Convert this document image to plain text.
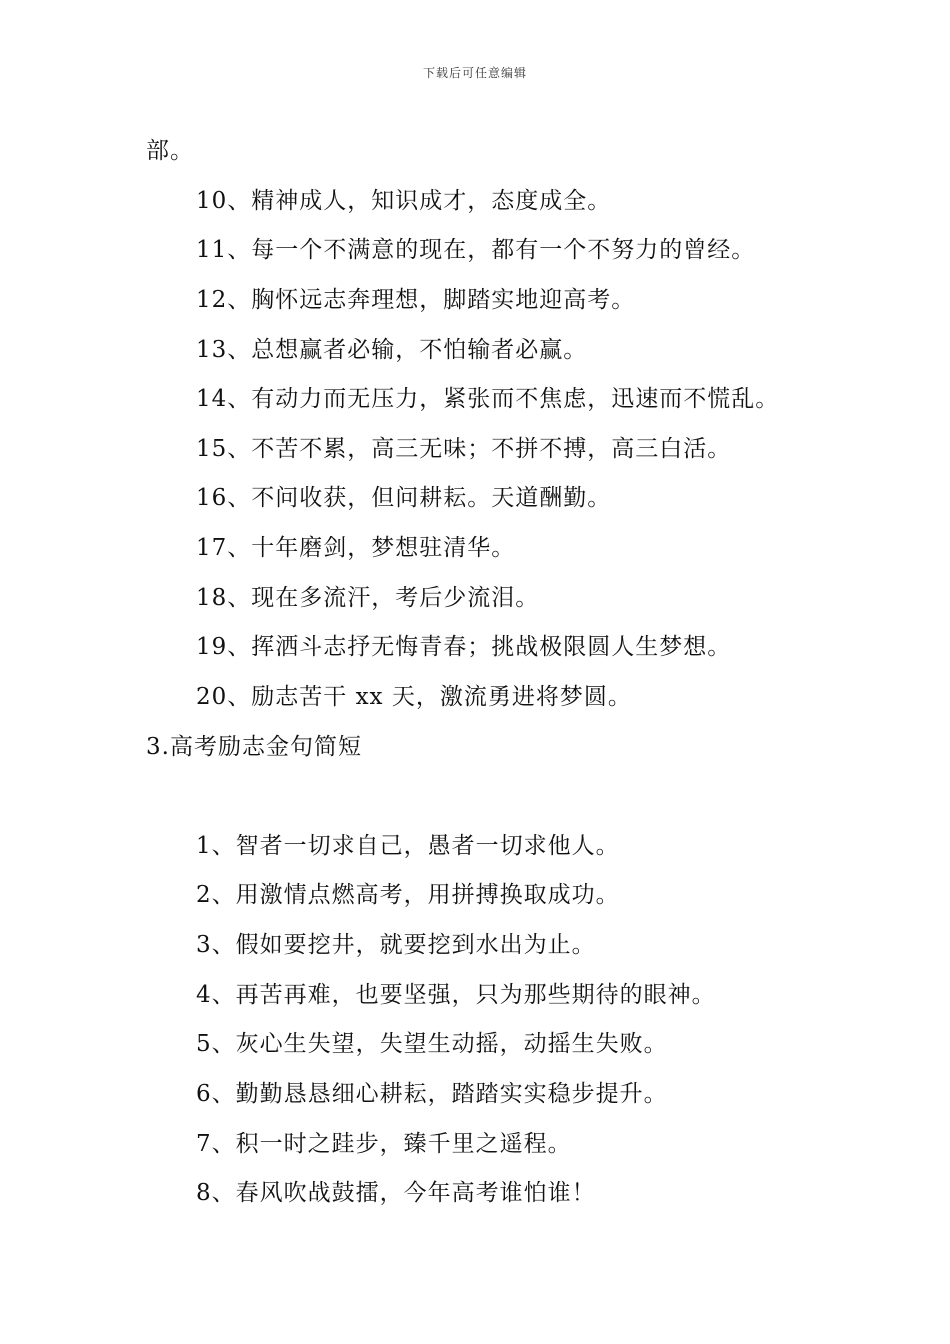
下载后可任意编辑
部。
10、精神成人，知识成才，态度成全。
11、每一个不满意的现在，都有一个不努力的曾经。
12、胸怀远志奔理想，脚踏实地迎高考。
13、总想赢者必输，不怕输者必赢。
14、有动力而无压力，紧张而不焦虑，迅速而不慌乱。
15、不苦不累，高三无味；不拼不搏，高三白活。
16、不问收获，但问耕耘。天道酬勤。
17、十年磨剑，梦想驻清华。
18、现在多流汗，考后少流泪。
19、挥洒斗志抒无悔青春；挑战极限圆人生梦想。
20、励志苦干 xx 天，激流勇进将梦圆。
3.高考励志金句简短
1、智者一切求自己，愚者一切求他人。
2、用激情点燃高考，用拼搏换取成功。
3、假如要挖井，就要挖到水出为止。
4、再苦再难，也要坚强，只为那些期待的眼神。
5、灰心生失望，失望生动摇，动摇生失败。
6、勤勤恳恳细心耕耘，踏踏实实稳步提升。
7、积一时之跬步，臻千里之遥程。
8、春风吹战鼓擂，今年高考谁怕谁！
